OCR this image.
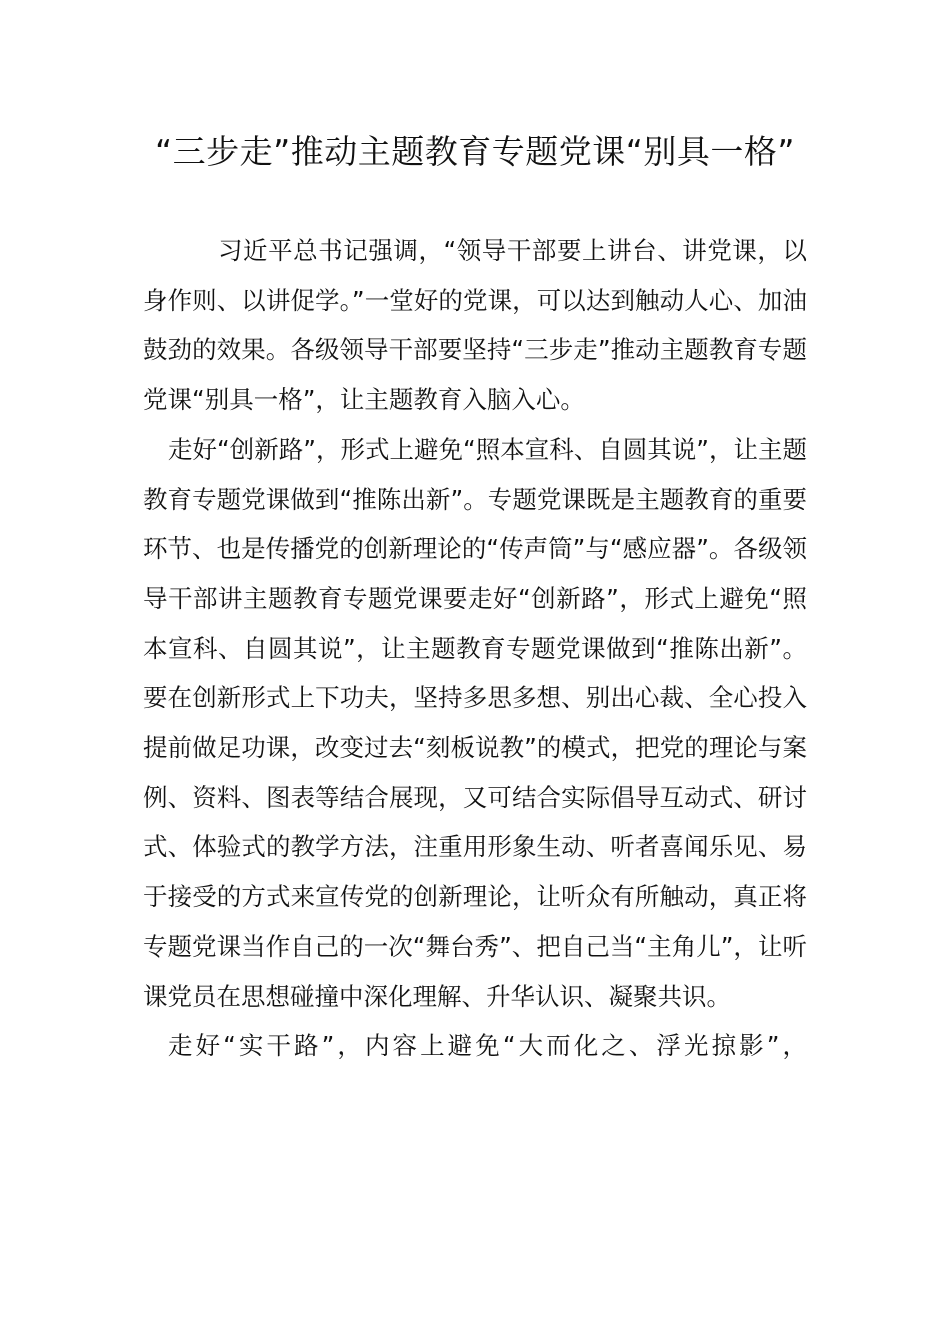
“三步走”推动主题教育专题党课“别具一格”

习近平总书记强调，“领导干部要上讲台、讲党课，以身作则、以讲促学。”一堂好的党课，可以达到触动人心、加油鼓劲的效果。各级领导干部要坚持“三步走”推动主题教育专题党课“别具一格”，让主题教育入脑入心。

走好“创新路”，形式上避免“照本宣科、自圆其说”，让主题教育专题党课做到“推陈出新”。专题党课既是主题教育的重要环节、也是传播党的创新理论的“传声筒”与“感应器”。各级领导干部讲主题教育专题党课要走好“创新路”，形式上避免“照本宣科、自圆其说”，让主题教育专题党课做到“推陈出新”。要在创新形式上下功夫，坚持多思多想、别出心裁、全心投入提前做足功课，改变过去“刻板说教”的模式，把党的理论与案例、资料、图表等结合展现，又可结合实际倡导互动式、研讨式、体验式的教学方法，注重用形象生动、听者喜闻乐见、易于接受的方式来宣传党的创新理论，让听众有所触动，真正将专题党课当作自己的一次“舞台秀”、把自己当“主角儿”，让听课党员在思想碰撞中深化理解、升华认识、凝聚共识。

走好“实干路”，内容上避免“大而化之、浮光掠影”，
